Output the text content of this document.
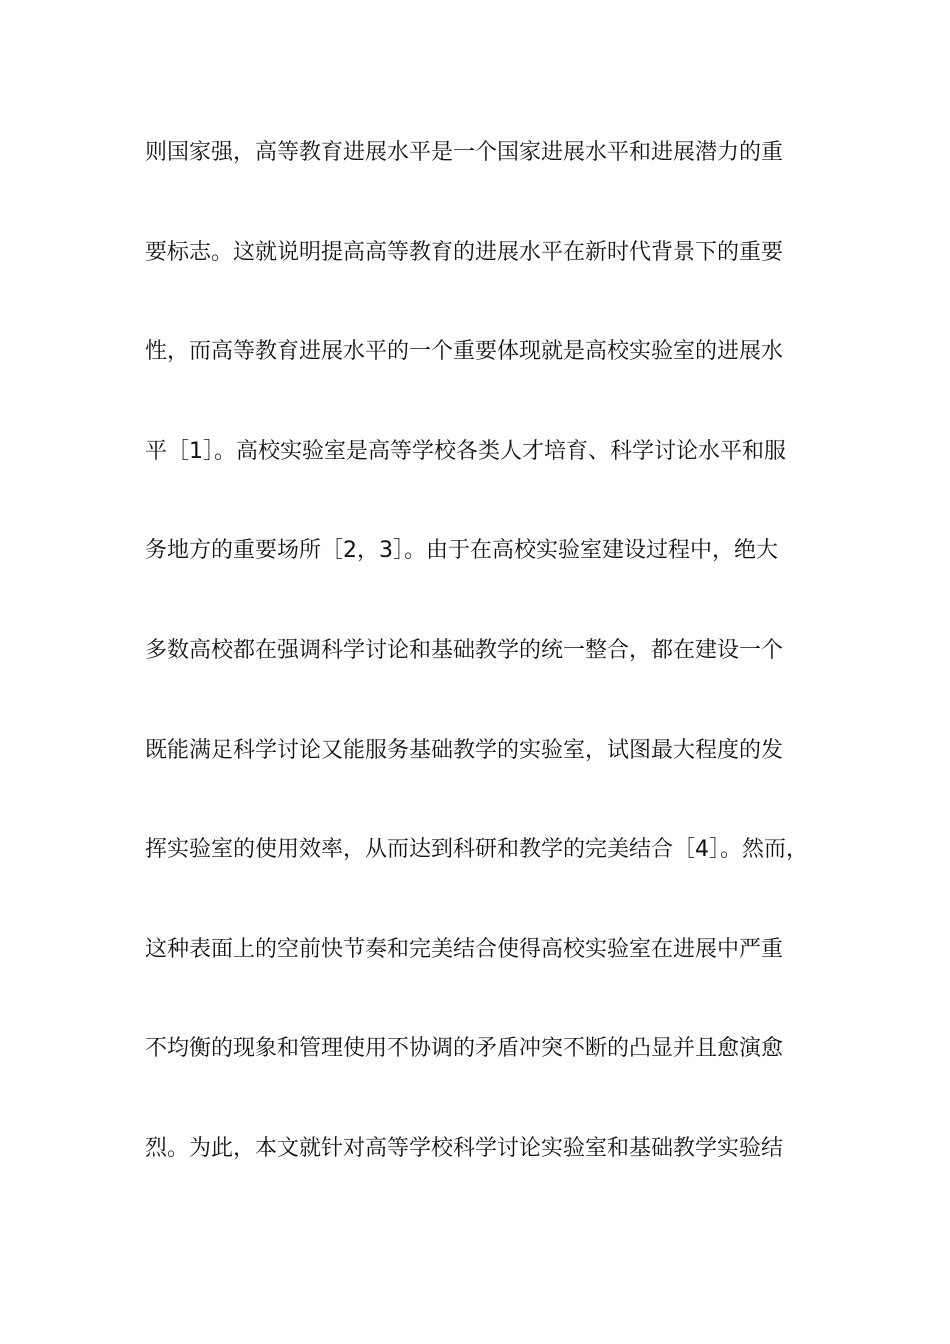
则国家强，高等教育进展水平是一个国家进展水平和进展潜力的重
要标志。这就说明提高高等教育的进展水平在新时代背景下的重要
性，而高等教育进展水平的一个重要体现就是高校实验室的进展水
平［1］。高校实验室是高等学校各类人才培育、科学讨论水平和服
务地方的重要场所［2，3］。由于在高校实验室建设过程中，绝大
多数高校都在强调科学讨论和基础教学的统一整合，都在建设一个
既能满足科学讨论又能服务基础教学的实验室，试图最大程度的发
挥实验室的使用效率，从而达到科研和教学的完美结合［4］。然而，
这种表面上的空前快节奏和完美结合使得高校实验室在进展中严重
不均衡的现象和管理使用不协调的矛盾冲突不断的凸显并且愈演愈
烈。为此，本文就针对高等学校科学讨论实验室和基础教学实验结
